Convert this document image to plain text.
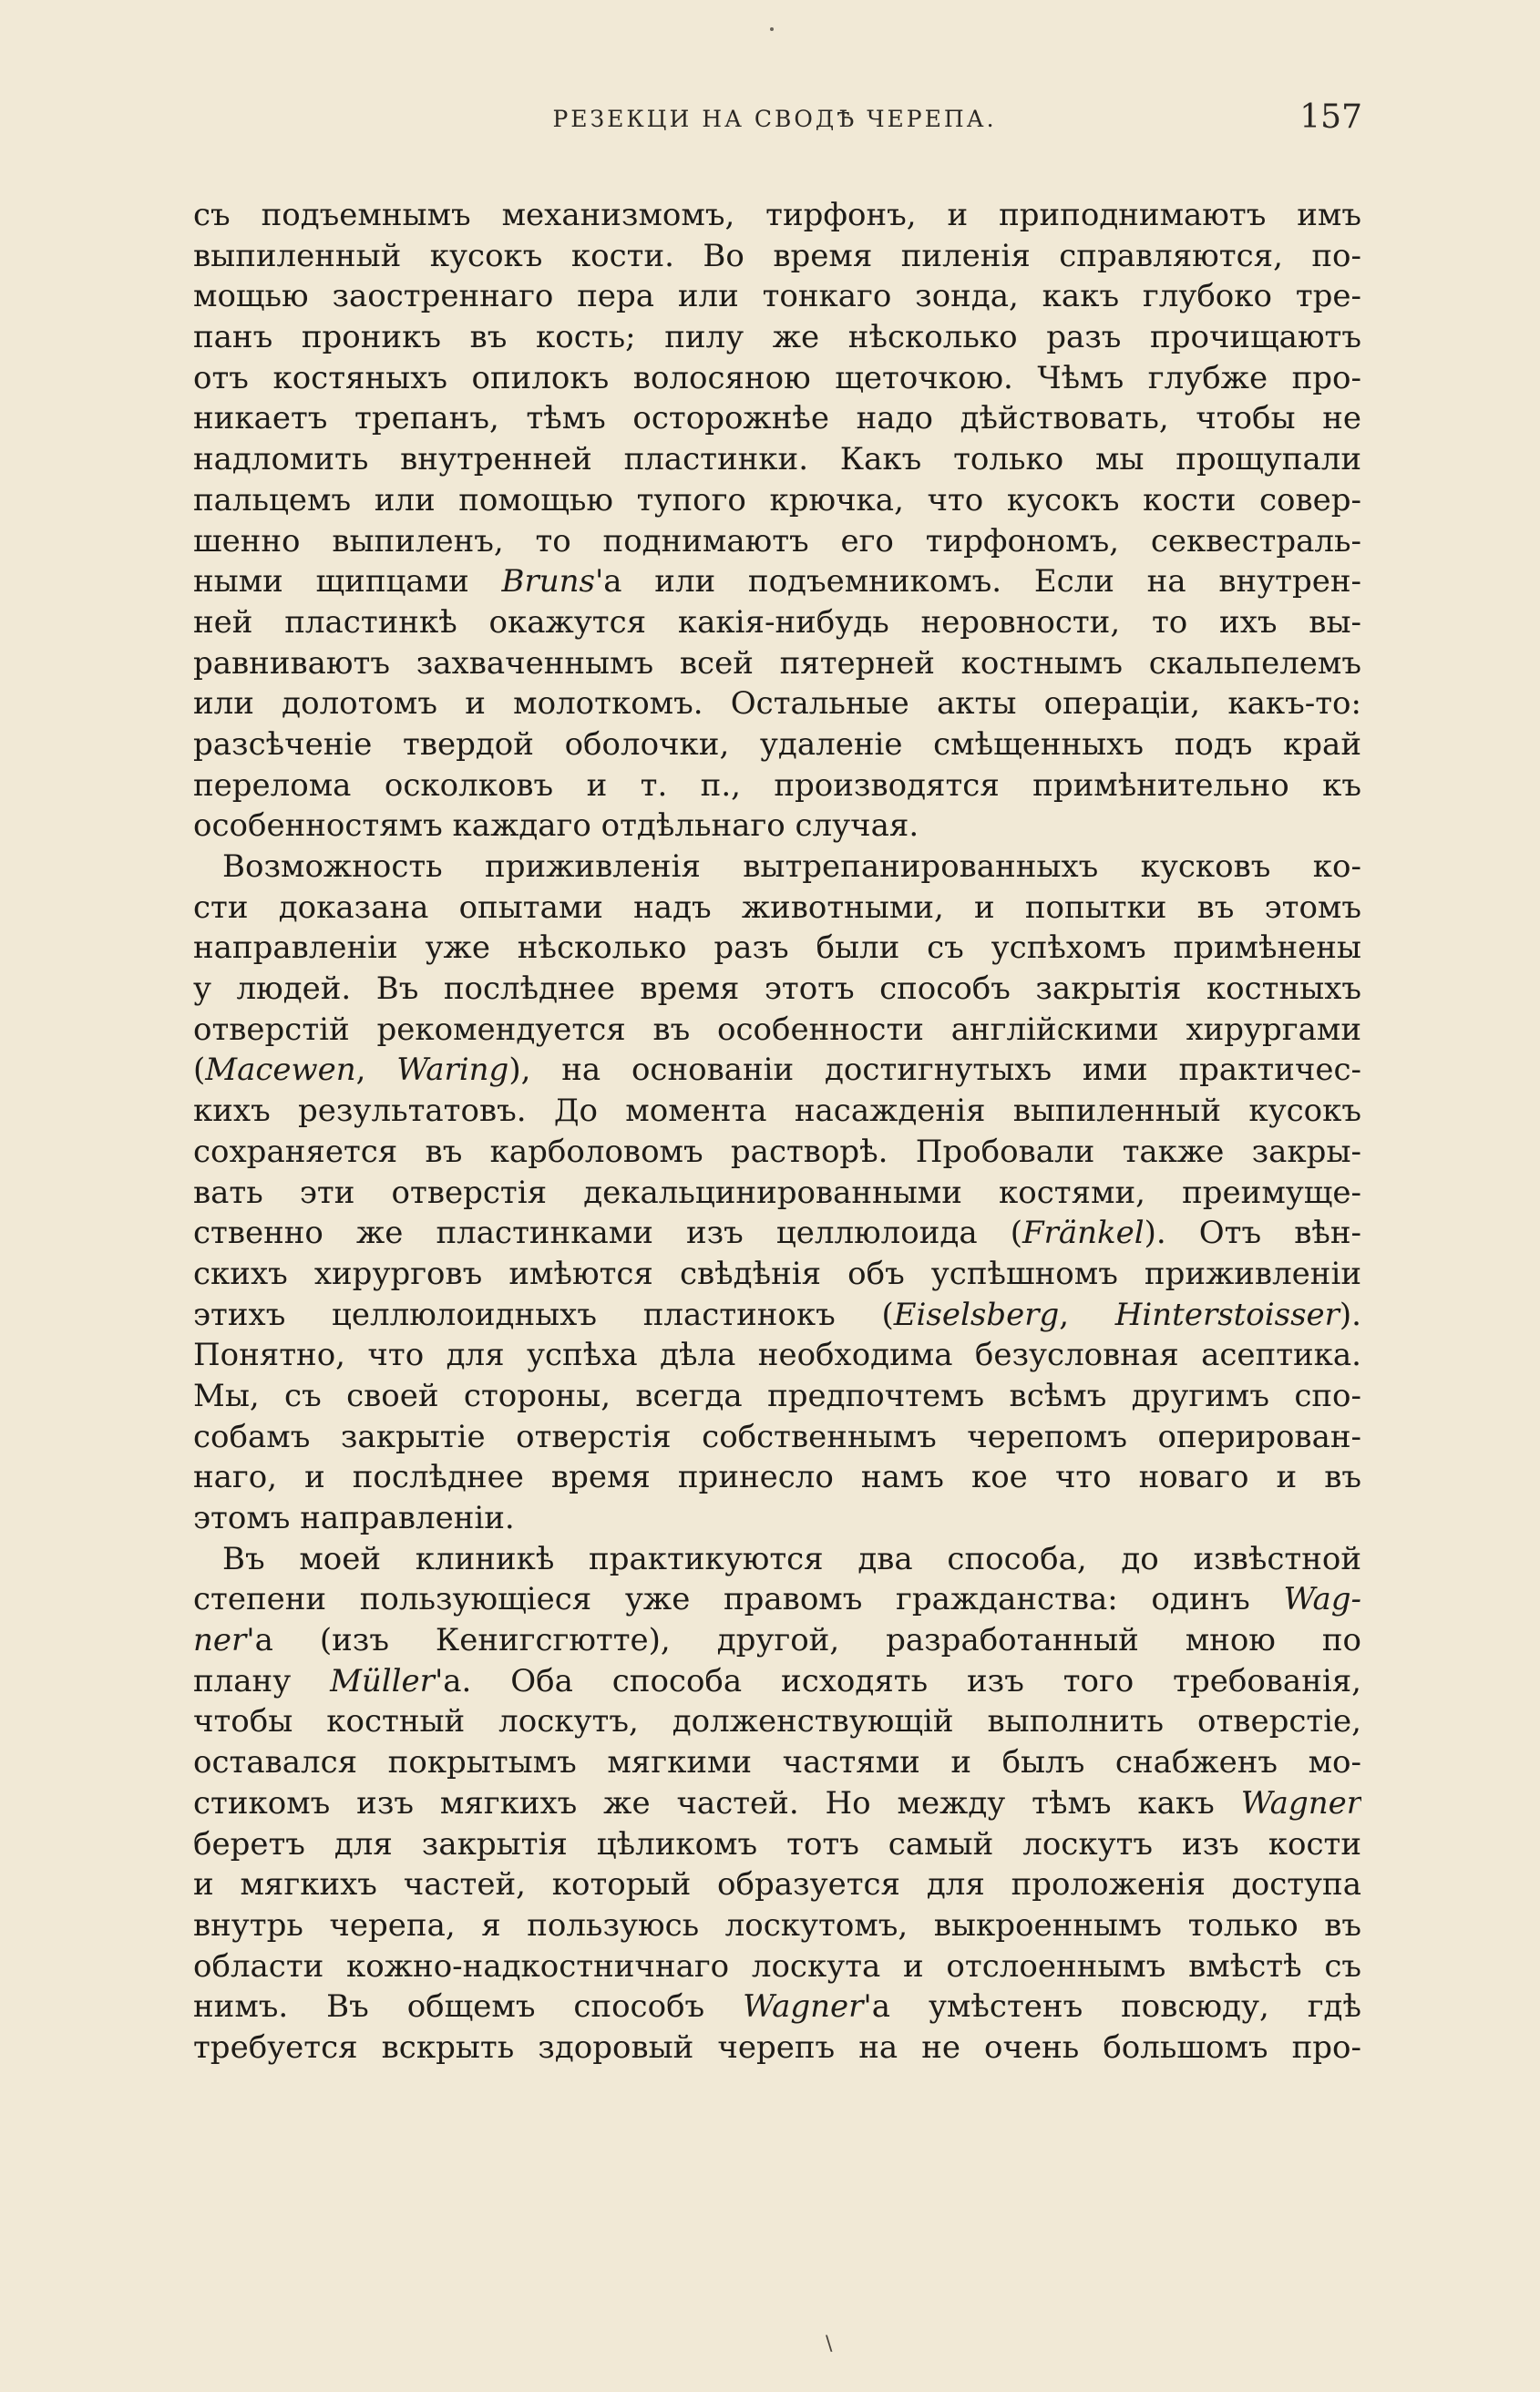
РЕЗЕКЦИ НА СВОДѢ ЧЕРЕПА.	157
съ подъемнымъ механизмомъ, тирфонъ, и приподнимаютъ имъ
выпиленный кусокъ кости. Во время пиленія справляются, по-
мощью заостреннаго пера или тонкаго зонда, какъ глубоко тре-
панъ проникъ въ кость; пилу же нѣсколько разъ прочищаютъ
отъ костяныхъ опилокъ волосяною щеточкою. Чѣмъ глубже про-
никаетъ трепанъ, тѣмъ осторожнѣе надо дѣйствовать, чтобы не
надломить внутренней пластинки. Какъ только мы прощупали
пальцемъ или помощью тупого крючка, что кусокъ кости совер-
шенно выпиленъ, то поднимаютъ его тирфономъ, секвестраль-
ными щипцами Bruns'а или подъемникомъ. Если на внутрен-
ней пластинкѣ окажутся какія-нибудь неровности, то ихъ вы-
равниваютъ захваченнымъ всей пятерней костнымъ скальпелемъ
или долотомъ и молоткомъ. Остальные акты операціи, какъ-то:
разсѣченіе твердой оболочки, удаленіе смѣщенныхъ подъ край
перелома осколковъ и т. п., производятся примѣнительно къ
особенностямъ каждаго отдѣльнаго случая.
Возможность приживленія вытрепанированныхъ кусковъ ко-
сти доказана опытами надъ животными, и попытки въ этомъ
направленіи уже нѣсколько разъ были съ успѣхомъ примѣнены
у людей. Въ послѣднее время этотъ способъ закрытія костныхъ
отверстій рекомендуется въ особенности англійскими хирургами
(Macewen, Waring), на основаніи достигнутыхъ ими практичес-
кихъ результатовъ. До момента насажденія выпиленный кусокъ
сохраняется въ карболовомъ растворѣ. Пробовали также закры-
вать эти отверстія декальцинированными костями, преимуще-
ственно же пластинками изъ целлюлоида (Fränkel). Отъ вѣн-
скихъ хирурговъ имѣются свѣдѣнія объ успѣшномъ приживленіи
этихъ целлюлоидныхъ пластинокъ (Eiselsberg, Hinterstoisser).
Понятно, что для успѣха дѣла необходима безусловная асептика.
Мы, съ своей стороны, всегда предпочтемъ всѣмъ другимъ спо-
собамъ закрытіе отверстія собственнымъ черепомъ оперирован-
наго, и послѣднее время принесло намъ кое что новаго и въ
этомъ направленіи.
Въ моей клиникѣ практикуются два способа, до извѣстной
степени пользующіеся уже правомъ гражданства: одинъ Wag-
ner'а (изъ Кенигсгютте), другой, разработанный мною по
плану Müller'а. Оба способа исходять изъ того требованія,
чтобы костный лоскутъ, долженствующій выполнить отверстіе,
оставался покрытымъ мягкими частями и былъ снабженъ мо-
стикомъ изъ мягкихъ же частей. Но между тѣмъ какъ Wagner
беретъ для закрытія цѣликомъ тотъ самый лоскутъ изъ кости
и мягкихъ частей, который образуется для проложенія доступа
внутрь черепа, я пользуюсь лоскутомъ, выкроеннымъ только въ
области кожно-надкостничнаго лоскута и отслоеннымъ вмѣстѣ съ
нимъ. Въ общемъ способъ Wagner'а умѣстенъ повсюду, гдѣ
требуется вскрыть здоровый черепъ на не очень большомъ про-
\
